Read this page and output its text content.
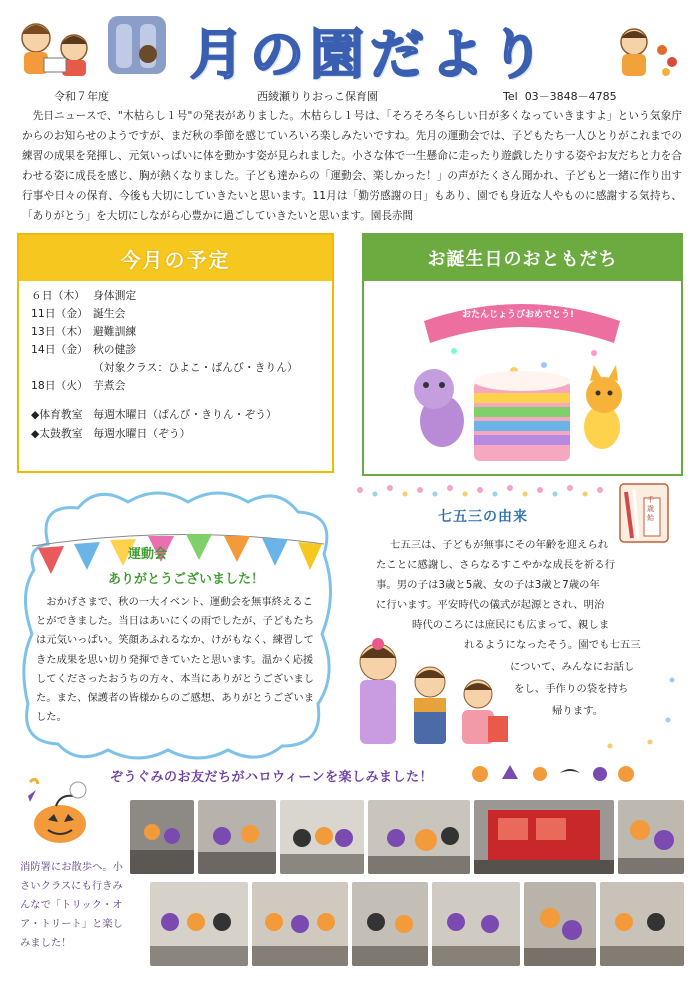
月の園だより
令和７年度	西綾瀬りりおっこ保育園	Tel 03－3848－4785

先日ニュースで、"木枯らし１号"の発表がありました。木枯らし１号は、「そろそろ冬らしい日が多くなっていきますよ」という気象庁からのお知らせのようですが、まだ秋の季節を感じていろいろ楽しみたいですね。先月の運動会では、子どもたち一人ひとりがこれまでの練習の成果を発揮し、元気いっぱいに体を動かす姿が見られました。小さな体で一生懸命に走ったり遊戯したりする姿やお友だちと力を合わせる姿に成長を感じ、胸が熱くなりました。子ども達からの「運動会、楽しかった！」の声がたくさん聞かれ、子どもと一緒に作り出す行事や日々の保育、今後も大切にしていきたいと思います。11月は「勤労感謝の日」もあり、園でも身近な人やものに感謝する気持ち、「ありがとう」を大切にしながら心豊かに過ごしていきたいと思います。園長赤間

今月の予定
６日（木） 身体測定
11日（金） 誕生会
13日（木） 避難訓練
14日（金） 秋の健診
（対象クラス：ひよこ・ぱんび・きりん）
18日（火） 芋煮会
◆体育教室　毎週木曜日（ぱんび・きりん・ぞう）
◆太鼓教室　毎週水曜日（ぞう）
お誕生日のおともだち
おたんじょうびおめでとう!
運動会
ありがとうございました！

おかげさまで、秋の一大イベント、運動会を無事終えることができました。当日はあいにくの雨でしたが、子どもたちは元気いっぱい。笑顔あふれるなか、けがもなく、練習してきた成果を思い切り発揮できていたと思います。温かく応援してくださったおうちの方々、本当にありがとうございました。また、保護者の皆様からのご感想、ありがとうございました。

千歳飴
七五三の由来
七五三は、子どもが無事にその年齢を迎えられ
たことに感謝し、さらなるすこやかな成長を祈る行
事。男の子は3歳と5歳、女の子は3歳と7歳の年
に行います。平安時代の儀式が起源とされ、明治
時代のころには庶民にも広まって、親しま
れるようになったそう。園でも七五三
について、みんなにお話し
をし、手作りの袋を持ち
帰ります。
ぞうぐみのお友だちがハロウィーンを楽しみました！
消防署にお散歩へ。小さいクラスにも行きみんなで「トリック・オア・トリート」と楽しみました！
